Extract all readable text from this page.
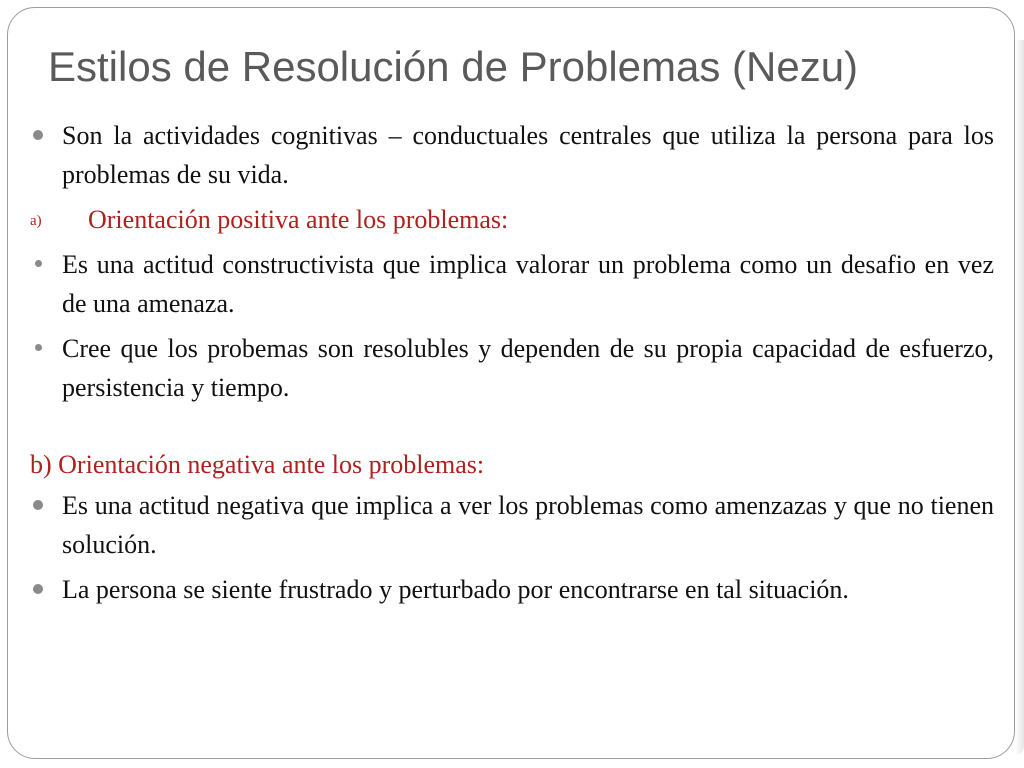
Estilos de Resolución de Problemas (Nezu)
Son la actividades cognitivas – conductuales centrales que utiliza la persona para los problemas de su vida.
a) Orientación positiva ante los problemas:
Es una actitud constructivista que implica valorar un problema como un desafio en vez de una amenaza.
Cree que los probemas son resolubles y dependen de su propia capacidad de esfuerzo, persistencia y tiempo.
b) Orientación negativa ante los problemas:
Es una actitud negativa que implica a ver los problemas como amenzazas y que no tienen solución.
La persona se siente frustrado y perturbado por encontrarse en tal situación.
